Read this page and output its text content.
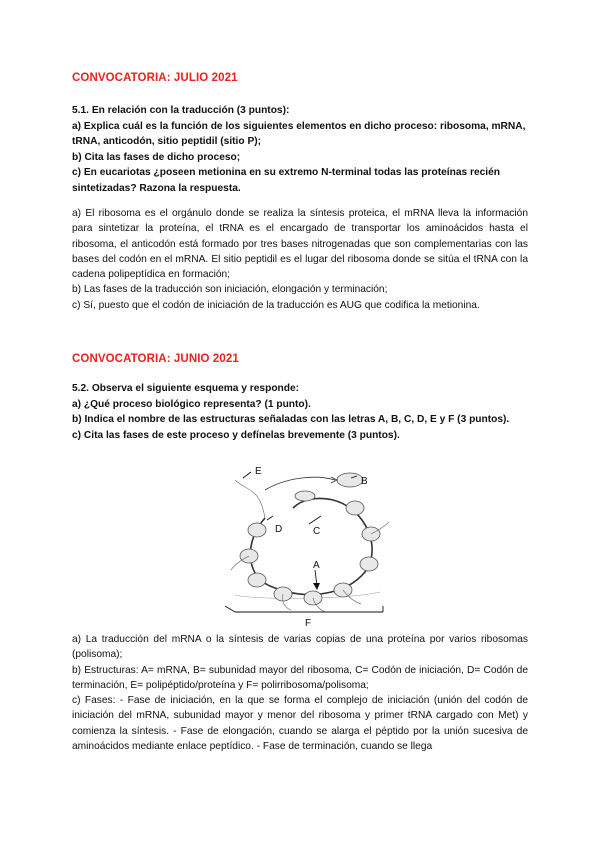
CONVOCATORIA: JULIO 2021

5.1. En relación con la traducción (3 puntos):

a) Explica cuál es la función de los siguientes elementos en dicho proceso: ribosoma, mRNA, tRNA, anticodón, sitio peptidil (sitio P);

b) Cita las fases de dicho proceso;

c) En eucariotas ¿poseen metionina en su extremo N-terminal todas las proteínas recién sintetizadas? Razona la respuesta.

a) El ribosoma es el orgánulo donde se realiza la síntesis proteica, el mRNA lleva la información para sintetizar la proteína, el tRNA es el encargado de transportar los aminoácidos hasta el ribosoma, el anticodón está formado por tres bases nitrogenadas que son complementarias con las bases del codón en el mRNA. El sitio peptidil es el lugar del ribosoma donde se sitúa el tRNA con la cadena polipeptídica en formación;

b) Las fases de la traducción son iniciación, elongación y terminación;

c) Sí, puesto que el codón de iniciación de la traducción es AUG que codifica la metionina.

CONVOCATORIA: JUNIO 2021

5.2. Observa el siguiente esquema y responde:

a) ¿Qué proceso biológico representa? (1 punto).

b) Indica el nombre de las estructuras señaladas con las letras A, B, C, D, E y F (3 puntos).

c) Cita las fases de este proceso y defínelas brevemente (3 puntos).

A
B
C
D
E
F

a) La traducción del mRNA o la síntesis de varias copias de una proteína por varios ribosomas (polisoma);

b) Estructuras: A= mRNA, B= subunidad mayor del ribosoma, C= Codón de iniciación, D= Codón de terminación, E= polipéptido/proteína y F= polirribosoma/polisoma;

c) Fases: - Fase de iniciación, en la que se forma el complejo de iniciación (unión del codón de iniciación del mRNA, subunidad mayor y menor del ribosoma y primer tRNA cargado con Met) y comienza la síntesis. - Fase de elongación, cuando se alarga el péptido por la unión sucesiva de aminoácidos mediante enlace peptídico. - Fase de terminación, cuando se llega
